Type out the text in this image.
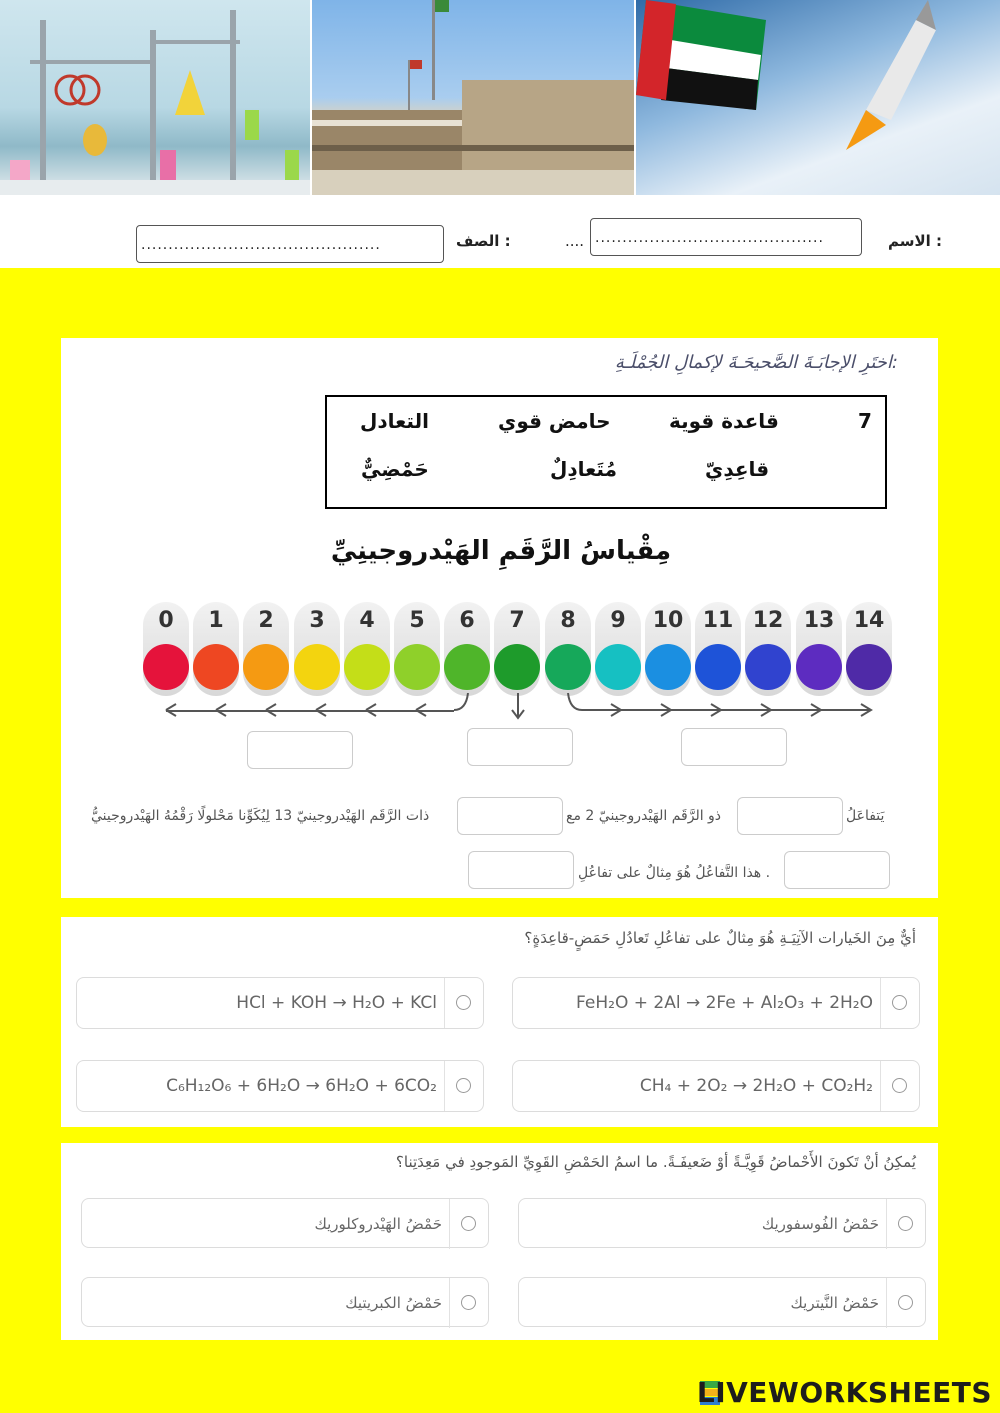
الاسم :
..........................................
....
الصف :
............................................
اختَرِ الإجابَـةَ الصَّحيحَـةَ لإكمالِ الجُمْلَـةِ:
7
قاعدة قوية
حامض قوي
التعادل
قاعِدِيّ
مُتَعادِلٌ
حَمْضِيٌّ
مِقْياسُ الرَّقَمِ الهَيْدروجينِيِّ
0	1	2	3	4	5	6	7	8	9	10 11 12 13 14
يَتفاعَلُ
ذو الرَّقَم الهَيْدروجينيّ 2 مع
ذات الرَّقَم الهَيْدروجينيّ 13 لِيُكَوِّنا مَحْلولًا رَقْمُهُ الهَيْدروجينيُّ
. هذا التَّفاعُلُ هُوَ مِثالٌ على تفاعُلِ
أيٌّ مِنَ الخَيارات الآتِيَـةِ هُوَ مِثالٌ على تفاعُلِ تَعادُلِ حَمَضٍ-قاعِدَةٍ؟
FeH₂O + 2Al → 2Fe + Al₂O₃ + 2H₂O
HCl + KOH → H₂O + KCl
CH₄ + 2O₂ → 2H₂O + CO₂H₂
C₆H₁₂O₆ + 6H₂O → 6H₂O + 6CO₂
يُمكِنُ أنْ تَكونَ الأَحْماضُ قَوِيَّـةً أوْ ضَعيفَـةً. ما اسمُ الحَمْضِ القَوِيِّ المَوجودِ في مَعِدَتِنا؟
حَمْضُ الفُوسفوريك
حَمْضُ الهَيْدروكلوريك
حَمْضُ النَّيتريك
حَمْضُ الكبريتيك
LIVEWORKSHEETS
